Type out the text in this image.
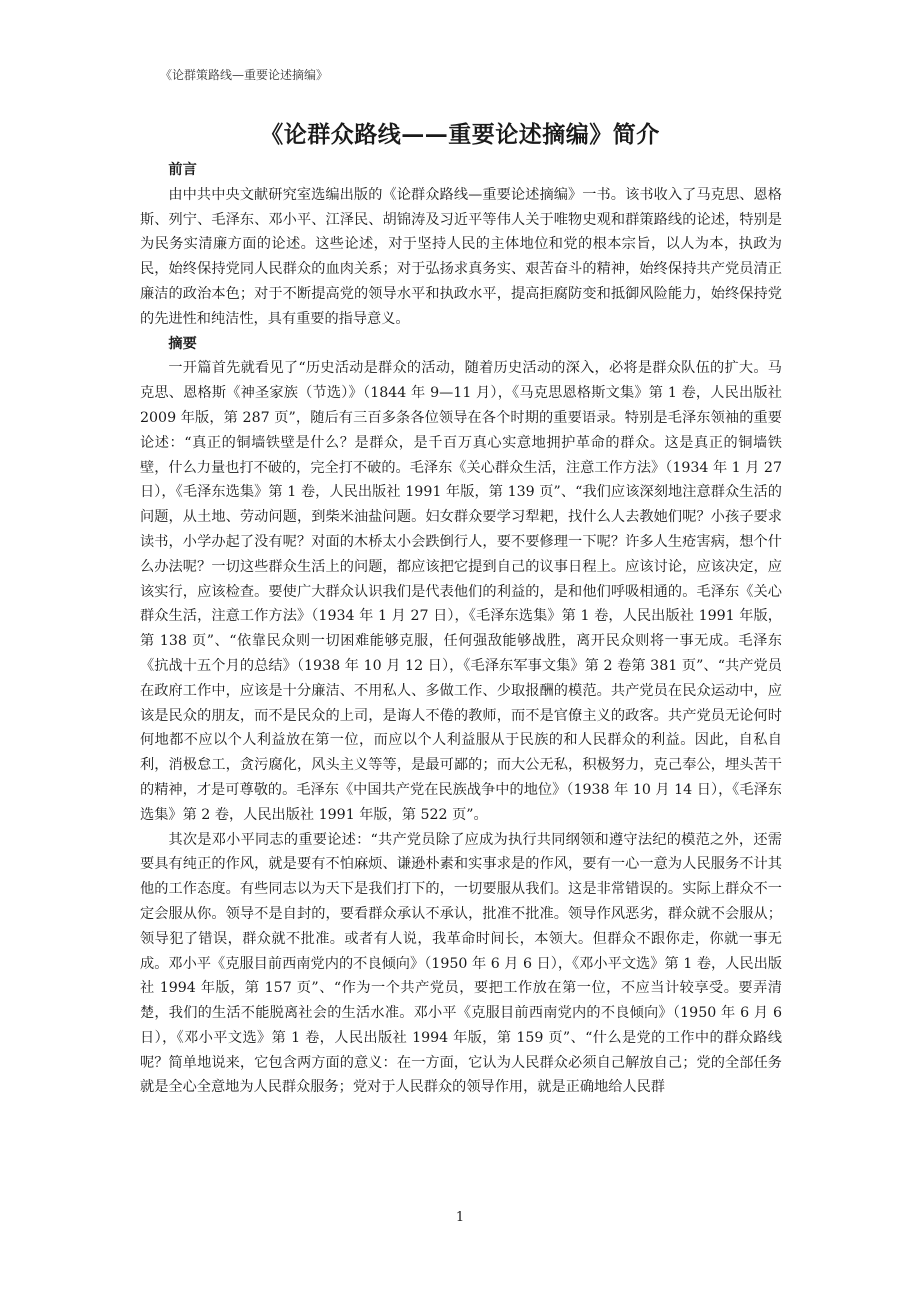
《论群策路线—重要论述摘编》
《论群众路线——重要论述摘编》简介

前言

由中共中央文献研究室选编出版的《论群众路线—重要论述摘编》一书。该书收入了马克思、恩格斯、列宁、毛泽东、邓小平、江泽民、胡锦涛及习近平等伟人关于唯物史观和群策路线的论述，特别是为民务实清廉方面的论述。这些论述，对于坚持人民的主体地位和党的根本宗旨，以人为本，执政为民，始终保持党同人民群众的血肉关系；对于弘扬求真务实、艰苦奋斗的精神，始终保持共产党员清正廉洁的政治本色；对于不断提高党的领导水平和执政水平，提高拒腐防变和抵御风险能力，始终保持党的先进性和纯洁性，具有重要的指导意义。

摘要

一开篇首先就看见了“历史活动是群众的活动，随着历史活动的深入，必将是群众队伍的扩大。马克思、恩格斯《神圣家族（节选）》（1844 年 9—11 月），《马克思恩格斯文集》第 1 卷，人民出版社 2009 年版，第 287 页”，随后有三百多条各位领导在各个时期的重要语录。特别是毛泽东领袖的重要论述：“真正的铜墙铁壁是什么？是群众，是千百万真心实意地拥护革命的群众。这是真正的铜墙铁壁，什么力量也打不破的，完全打不破的。毛泽东《关心群众生活，注意工作方法》（1934 年 1 月 27 日），《毛泽东选集》第 1 卷，人民出版社 1991 年版，第 139 页”、“我们应该深刻地注意群众生活的问题，从土地、劳动问题，到柴米油盐问题。妇女群众要学习犁耙，找什么人去教她们呢？小孩子要求读书，小学办起了没有呢？对面的木桥太小会跌倒行人，要不要修理一下呢？许多人生疮害病，想个什么办法呢？一切这些群众生活上的问题，都应该把它提到自己的议事日程上。应该讨论，应该决定，应该实行，应该检查。要使广大群众认识我们是代表他们的利益的，是和他们呼吸相通的。毛泽东《关心群众生活，注意工作方法》（1934 年 1 月 27 日），《毛泽东选集》第 1 卷，人民出版社 1991 年版，第 138 页”、“依靠民众则一切困难能够克服，任何强敌能够战胜，离开民众则将一事无成。毛泽东《抗战十五个月的总结》（1938 年 10 月 12 日），《毛泽东军事文集》第 2 卷第 381 页”、“共产党员在政府工作中，应该是十分廉洁、不用私人、多做工作、少取报酬的模范。共产党员在民众运动中，应该是民众的朋友，而不是民众的上司，是诲人不倦的教师，而不是官僚主义的政客。共产党员无论何时何地都不应以个人利益放在第一位，而应以个人利益服从于民族的和人民群众的利益。因此，自私自利，消极怠工，贪污腐化，风头主义等等，是最可鄙的；而大公无私，积极努力，克己奉公，埋头苦干的精神，才是可尊敬的。毛泽东《中国共产党在民族战争中的地位》（1938 年 10 月 14 日），《毛泽东选集》第 2 卷，人民出版社 1991 年版，第 522 页”。

其次是邓小平同志的重要论述：“共产党员除了应成为执行共同纲领和遵守法纪的模范之外，还需要具有纯正的作风，就是要有不怕麻烦、谦逊朴素和实事求是的作风，要有一心一意为人民服务不计其他的工作态度。有些同志以为天下是我们打下的，一切要服从我们。这是非常错误的。实际上群众不一定会服从你。领导不是自封的，要看群众承认不承认，批准不批准。领导作风恶劣，群众就不会服从；领导犯了错误，群众就不批准。或者有人说，我革命时间长，本领大。但群众不跟你走，你就一事无成。邓小平《克服目前西南党内的不良倾向》（1950 年 6 月 6 日），《邓小平文选》第 1 卷，人民出版社 1994 年版，第 157 页”、“作为一个共产党员，要把工作放在第一位，不应当计较享受。要弄清楚，我们的生活不能脱离社会的生活水准。邓小平《克服目前西南党内的不良倾向》（1950 年 6 月 6 日），《邓小平文选》第 1 卷，人民出版社 1994 年版，第 159 页”、“什么是党的工作中的群众路线呢？简单地说来，它包含两方面的意义：在一方面，它认为人民群众必须自己解放自己；党的全部任务就是全心全意地为人民群众服务；党对于人民群众的领导作用，就是正确地给人民群

1
